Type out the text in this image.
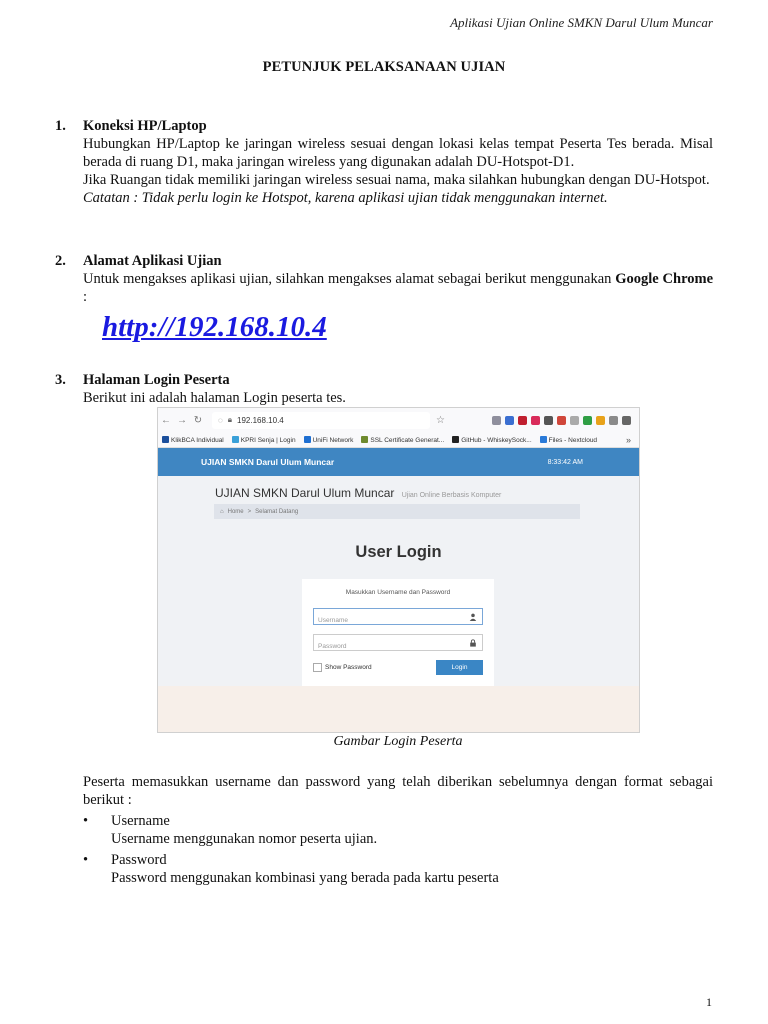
Aplikasi Ujian Online SMKN Darul Ulum Muncar
PETUNJUK PELAKSANAAN UJIAN
1. Koneksi HP/Laptop
Hubungkan HP/Laptop ke jaringan wireless sesuai dengan lokasi kelas tempat Peserta Tes berada. Misal berada di ruang D1, maka jaringan wireless yang digunakan adalah DU-Hotspot-D1.
Jika Ruangan tidak memiliki jaringan wireless sesuai nama, maka silahkan hubungkan dengan DU-Hotspot.
Catatan : Tidak perlu login ke Hotspot, karena aplikasi ujian tidak menggunakan internet.
2. Alamat Aplikasi Ujian
Untuk mengakses aplikasi ujian, silahkan mengakses alamat sebagai berikut menggunakan Google Chrome :
http://192.168.10.4
3. Halaman Login Peserta
Berikut ini adalah halaman Login peserta tes.
← → ↻	◌ 🔒︎ 192.168.10.4	☆
KlikBCA Individual	KPRI Senja | Login	UniFi Network	SSL Certificate Generat...	GitHub - WhiskeySock...	Files - Nextcloud	»
UJIAN SMKN Darul Ulum Muncar	8:33:42 AM
UJIAN SMKN Darul Ulum Muncar Ujian Online Berbasis Komputer
⌂ Home > Selamat Datang
User Login
Masukkan Username dan Password
Username
Show Password	Login
Gambar Login Peserta
Peserta memasukkan username dan password yang telah diberikan sebelumnya dengan format sebagai berikut :
• Username
Username menggunakan nomor peserta ujian.
• Password
Password menggunakan kombinasi yang berada pada kartu peserta
1
